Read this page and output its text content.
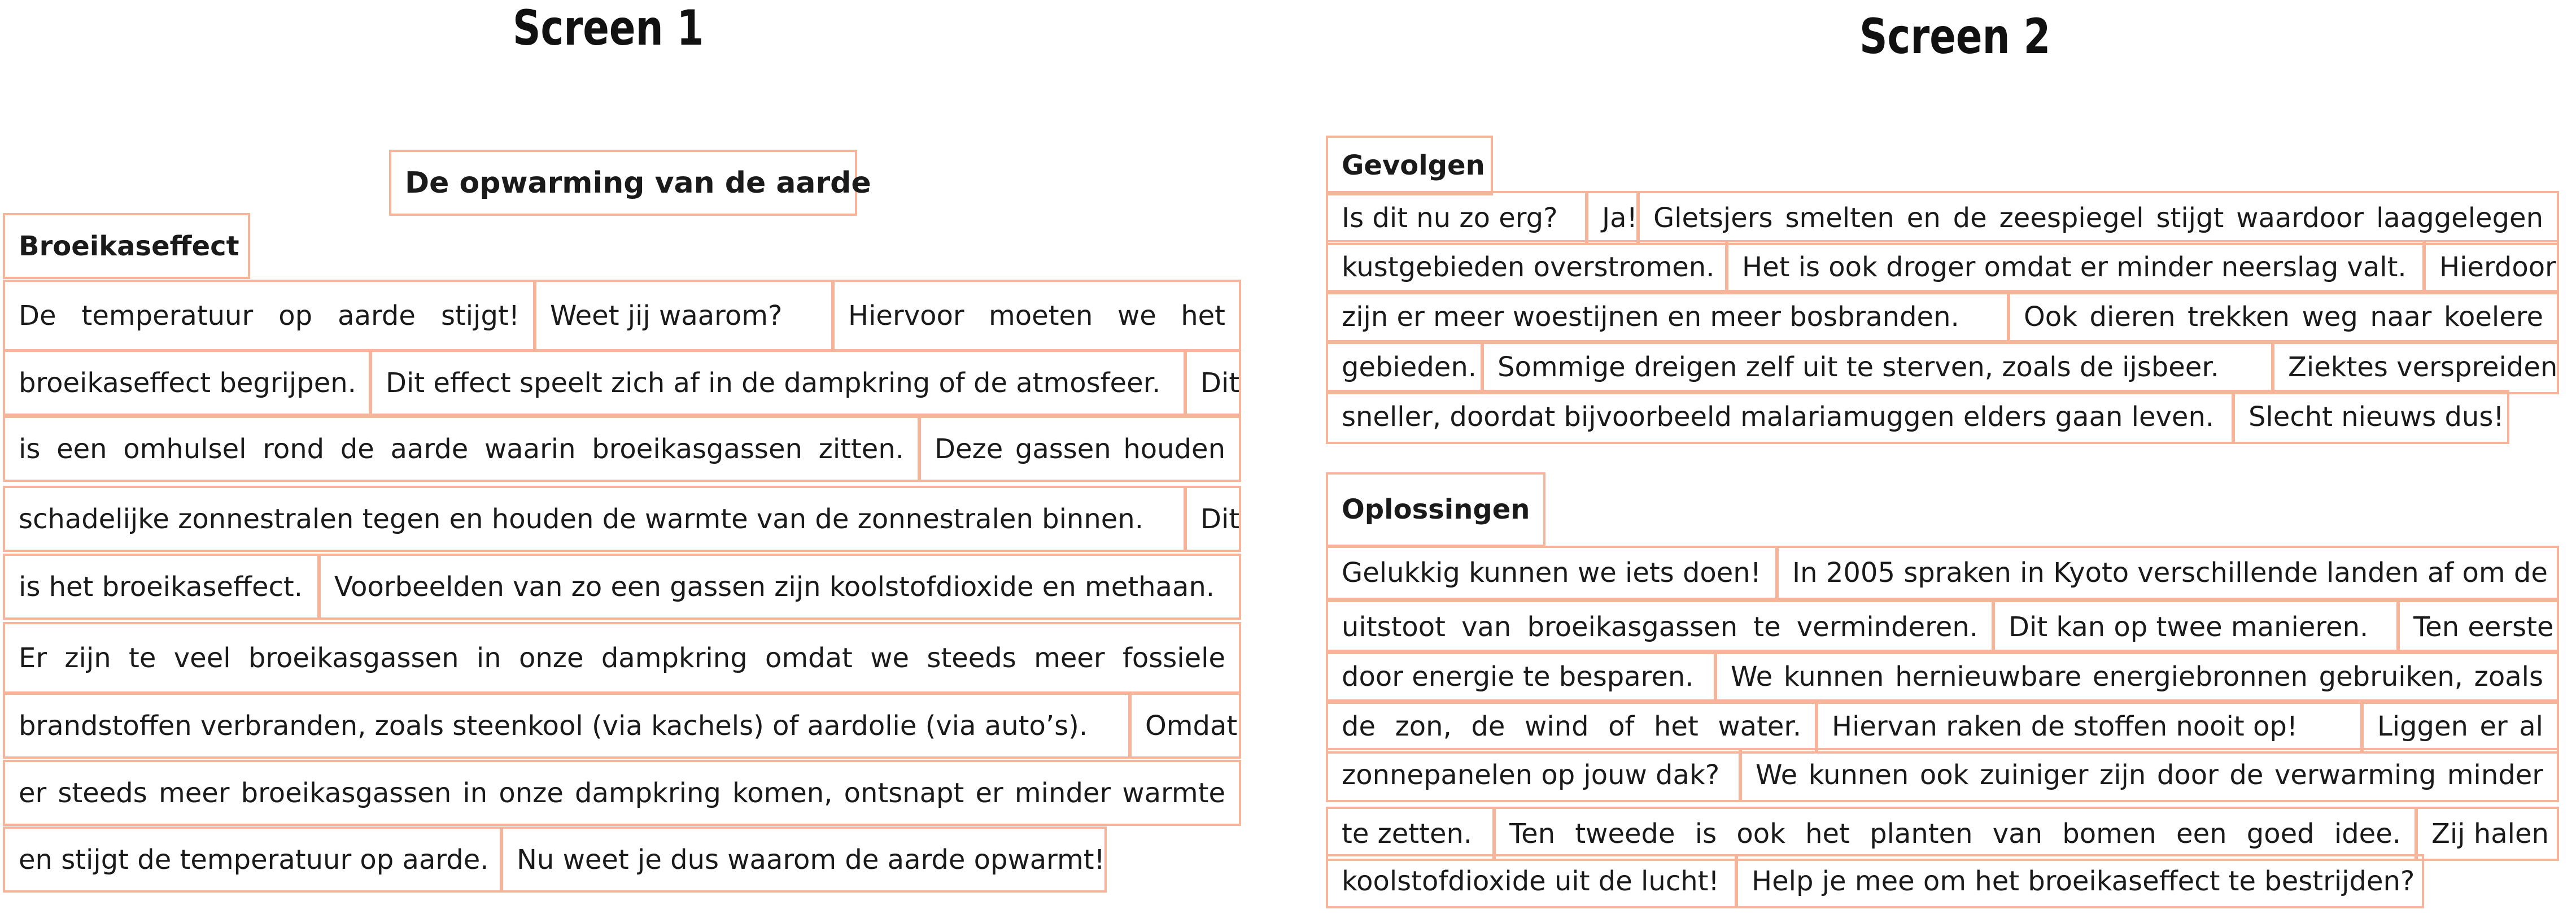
Screen 1	Screen 2
De opwarming van de aarde
Broeikaseffect
De temperatuur op aarde stijgt! Weet jij waarom? Hiervoor moeten we het
broeikaseffect begrijpen. Dit effect speelt zich af in de dampkring of de atmosfeer. Dit
is een omhulsel rond de aarde waarin broeikasgassen zitten. Deze gassen houden
schadelijke zonnestralen tegen en houden de warmte van de zonnestralen binnen. Dit
is het broeikaseffect. Voorbeelden van zo een gassen zijn koolstofdioxide en methaan.
Er zijn te veel broeikasgassen in onze dampkring omdat we steeds meer fossiele
brandstoffen verbranden, zoals steenkool (via kachels) of aardolie (via auto’s). Omdat
er steeds meer broeikasgassen in onze dampkring komen, ontsnapt er minder warmte
en stijgt de temperatuur op aarde. Nu weet je dus waarom de aarde opwarmt!
Gevolgen
Is dit nu zo erg? Ja! Gletsjers smelten en de zeespiegel stijgt waardoor laaggelegen
kustgebieden overstromen. Het is ook droger omdat er minder neerslag valt. Hierdoor
zijn er meer woestijnen en meer bosbranden. Ook dieren trekken weg naar koelere
gebieden. Sommige dreigen zelf uit te sterven, zoals de ijsbeer.	Ziektes verspreiden
sneller, doordat bijvoorbeeld malariamuggen elders gaan leven. Slecht nieuws dus!
Oplossingen
Gelukkig kunnen we iets doen! In 2005 spraken in Kyoto verschillende landen af om de
uitstoot van broeikasgassen te verminderen. Dit kan op twee manieren. Ten eerste
door energie te besparen. We kunnen hernieuwbare energiebronnen gebruiken, zoals
de zon, de wind of het water. Hiervan raken de stoffen nooit op!	Liggen er al
zonnepanelen op jouw dak? We kunnen ook zuiniger zijn door de verwarming minder
te zetten. Ten tweede is ook het planten van bomen een goed idee. Zij halen
koolstofdioxide uit de lucht! Help je mee om het broeikaseffect te bestrijden?
